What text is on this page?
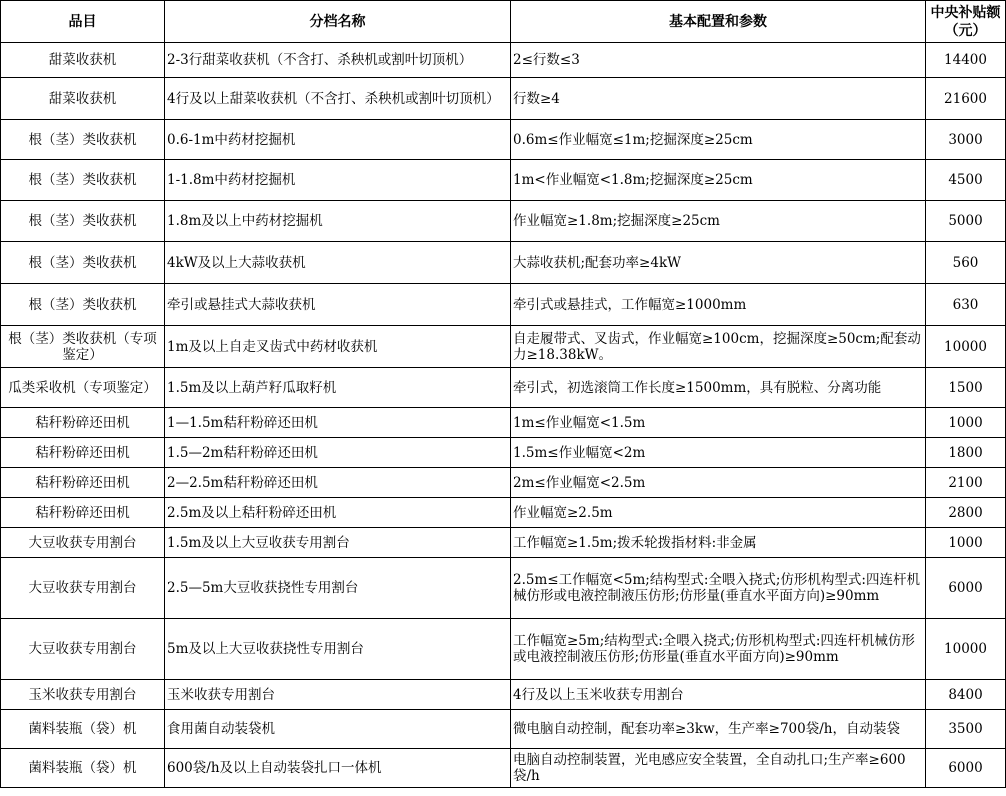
品目	分档名称	基本配置和参数	中央补贴额（元）
甜菜收获机	2-3行甜菜收获机（不含打、杀秧机或割叶切顶机）	2≤行数≤3	14400
甜菜收获机	4行及以上甜菜收获机（不含打、杀秧机或割叶切顶机）	行数≥4	21600
根（茎）类收获机	0.6-1m中药材挖掘机	0.6m≤作业幅宽≤1m;挖掘深度≥25cm	3000
根（茎）类收获机	1-1.8m中药材挖掘机	1m<作业幅宽<1.8m;挖掘深度≥25cm	4500
根（茎）类收获机	1.8m及以上中药材挖掘机	作业幅宽≥1.8m;挖掘深度≥25cm	5000
根（茎）类收获机	4kW及以上大蒜收获机	大蒜收获机;配套功率≥4kW	560
根（茎）类收获机	牵引或悬挂式大蒜收获机	牵引式或悬挂式，工作幅宽≥1000mm	630
根（茎）类收获机（专项鉴定）	1m及以上自走叉齿式中药材收获机	自走履带式、叉齿式，作业幅宽≥100cm，挖掘深度≥50cm;配套动力≥18.38kW。	10000
瓜类采收机（专项鉴定）	1.5m及以上葫芦籽瓜取籽机	牵引式，初选滚筒工作长度≥1500mm，具有脱粒、分离功能	1500
秸秆粉碎还田机	1—1.5m秸秆粉碎还田机	1m≤作业幅宽<1.5m	1000
秸秆粉碎还田机	1.5—2m秸秆粉碎还田机	1.5m≤作业幅宽<2m	1800
秸秆粉碎还田机	2—2.5m秸秆粉碎还田机	2m≤作业幅宽<2.5m	2100
秸秆粉碎还田机	2.5m及以上秸秆粉碎还田机	作业幅宽≥2.5m	2800
大豆收获专用割台	1.5m及以上大豆收获专用割台	工作幅宽≥1.5m;拨禾轮拨指材料:非金属	1000
大豆收获专用割台	2.5—5m大豆收获挠性专用割台	2.5m≤工作幅宽<5m;结构型式:全喂入挠式;仿形机构型式:四连杆机械仿形或电液控制液压仿形;仿形量(垂直水平面方向)≥90mm	6000
大豆收获专用割台	5m及以上大豆收获挠性专用割台	工作幅宽≥5m;结构型式:全喂入挠式;仿形机构型式:四连杆机械仿形或电液控制液压仿形;仿形量(垂直水平面方向)≥90mm	10000
玉米收获专用割台	玉米收获专用割台	4行及以上玉米收获专用割台	8400
菌料装瓶（袋）机	食用菌自动装袋机	微电脑自动控制，配套功率≥3kw，生产率≥700袋/h，自动装袋	3500
菌料装瓶（袋）机	600袋/h及以上自动装袋扎口一体机	电脑自动控制装置，光电感应安全装置，全自动扎口;生产率≥600袋/h	6000
